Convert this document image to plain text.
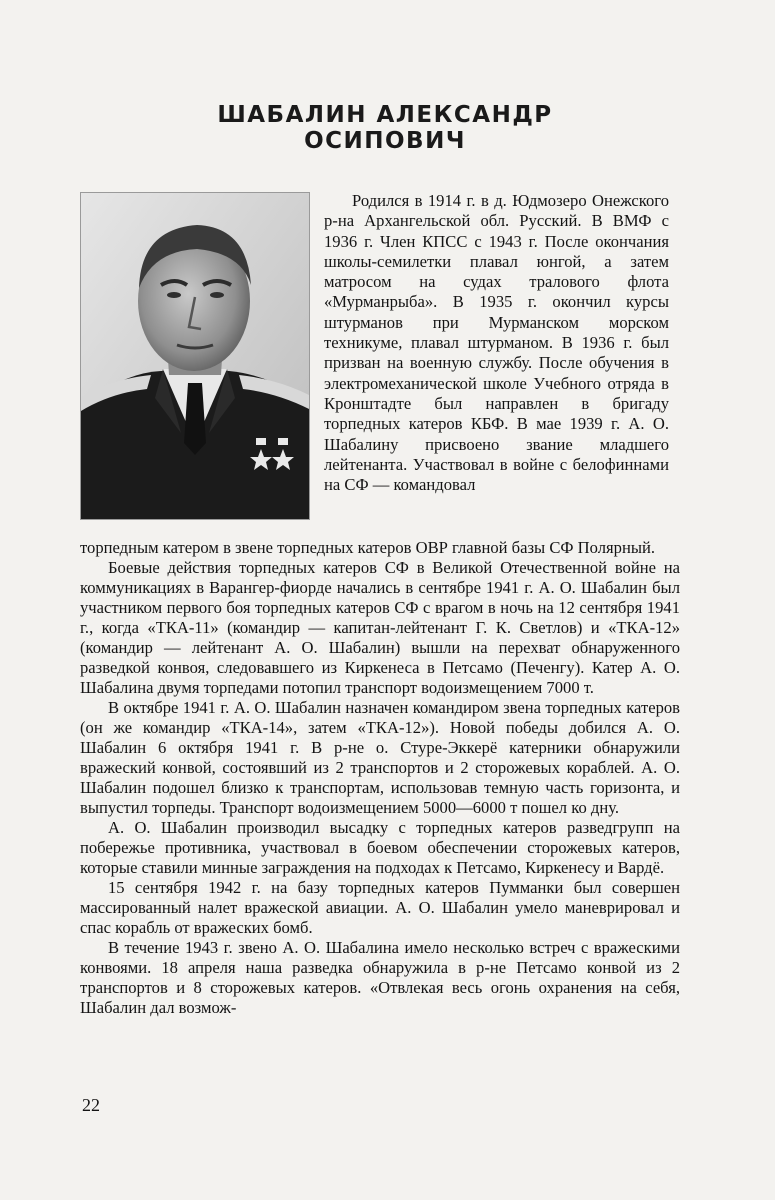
ШАБАЛИН АЛЕКСАНДР ОСИПОВИЧ

Родился в 1914 г. в д. Юдмозеро Онежского р-на Архангельской обл. Русский. В ВМФ с 1936 г. Член КПСС с 1943 г. После окончания школы-семилетки плавал юнгой, а затем матросом на судах тралового флота «Мурманрыба». В 1935 г. окончил курсы штурманов при Мурманском морском техникуме, плавал штурманом. В 1936 г. был призван на военную службу. После обучения в электромеханической школе Учебного отряда в Кронштадте был направлен в бригаду торпедных катеров КБФ. В мае 1939 г. А. О. Шабалину присвоено звание младшего лейтенанта. Участвовал в войне с белофиннами на СФ — командовал

торпедным катером в звене торпедных катеров ОВР главной базы СФ Полярный.

Боевые действия торпедных катеров СФ в Великой Отечественной войне на коммуникациях в Варангер-фиорде начались в сентябре 1941 г. А. О. Шабалин был участником первого боя торпедных катеров СФ с врагом в ночь на 12 сентября 1941 г., когда «ТКА-11» (командир — капитан-лейтенант Г. К. Светлов) и «ТКА-12» (командир — лейтенант А. О. Шабалин) вышли на перехват обнаруженного разведкой конвоя, следовавшего из Киркенеса в Петсамо (Печенгу). Катер А. О. Шабалина двумя торпедами потопил транспорт водоизмещением 7000 т.

В октябре 1941 г. А. О. Шабалин назначен командиром звена торпедных катеров (он же командир «ТКА-14», затем «ТКА-12»). Новой победы добился А. О. Шабалин 6 октября 1941 г. В р-не о. Стуре-Эккерё катерники обнаружили вражеский конвой, состоявший из 2 транспортов и 2 сторожевых кораблей. А. О. Шабалин подошел близко к транспортам, использовав темную часть горизонта, и выпустил торпеды. Транспорт водоизмещением 5000—6000 т пошел ко дну.

А. О. Шабалин производил высадку с торпедных катеров разведгрупп на побережье противника, участвовал в боевом обеспечении сторожевых катеров, которые ставили минные заграждения на подходах к Петсамо, Киркенесу и Вардё.

15 сентября 1942 г. на базу торпедных катеров Пумманки был совершен массированный налет вражеской авиации. А. О. Шабалин умело маневрировал и спас корабль от вражеских бомб.

В течение 1943 г. звено А. О. Шабалина имело несколько встреч с вражескими конвоями. 18 апреля наша разведка обнаружила в р-не Петсамо конвой из 2 транспортов и 8 сторожевых катеров. «Отвлекая весь огонь охранения на себя, Шабалин дал возмож-

22
